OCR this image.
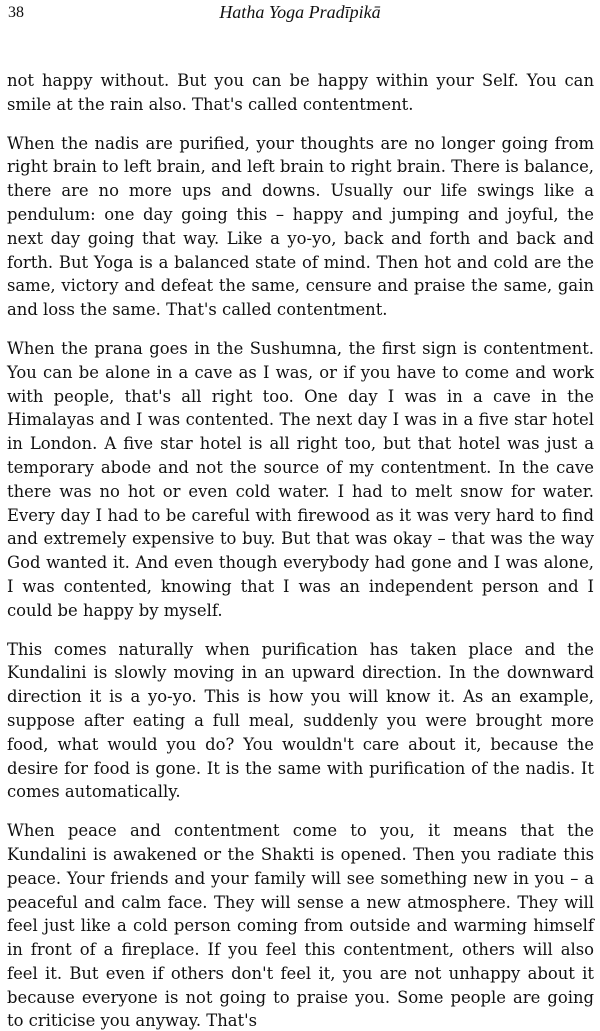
38	Hatha Yoga Pradīpikā

not happy without. But you can be happy within your Self. You can smile at the rain also. That's called contentment.

When the nadis are purified, your thoughts are no longer going from right brain to left brain, and left brain to right brain. There is balance, there are no more ups and downs. Usually our life swings like a pendulum: one day going this – happy and jumping and joyful, the next day going that way. Like a yo-yo, back and forth and back and forth. But Yoga is a balanced state of mind. Then hot and cold are the same, victory and defeat the same, censure and praise the same, gain and loss the same. That's called contentment.

When the prana goes in the Sushumna, the first sign is contentment. You can be alone in a cave as I was, or if you have to come and work with people, that's all right too. One day I was in a cave in the Himalayas and I was contented. The next day I was in a five star hotel in London. A five star hotel is all right too, but that hotel was just a temporary abode and not the source of my contentment. In the cave there was no hot or even cold water. I had to melt snow for water. Every day I had to be careful with firewood as it was very hard to find and extremely expensive to buy. But that was okay – that was the way God wanted it. And even though everybody had gone and I was alone, I was contented, knowing that I was an independent person and I could be happy by myself.

This comes naturally when purification has taken place and the Kundalini is slowly moving in an upward direction. In the downward direction it is a yo-yo. This is how you will know it. As an example, suppose after eating a full meal, suddenly you were brought more food, what would you do? You wouldn't care about it, because the desire for food is gone. It is the same with purification of the nadis. It comes automatically.

When peace and contentment come to you, it means that the Kundalini is awakened or the Shakti is opened. Then you radiate this peace. Your friends and your family will see something new in you – a peaceful and calm face. They will sense a new atmosphere. They will feel just like a cold person coming from outside and warming himself in front of a fireplace. If you feel this contentment, others will also feel it. But even if others don't feel it, you are not unhappy about it because everyone is not going to praise you. Some people are going to criticise you anyway. That's
